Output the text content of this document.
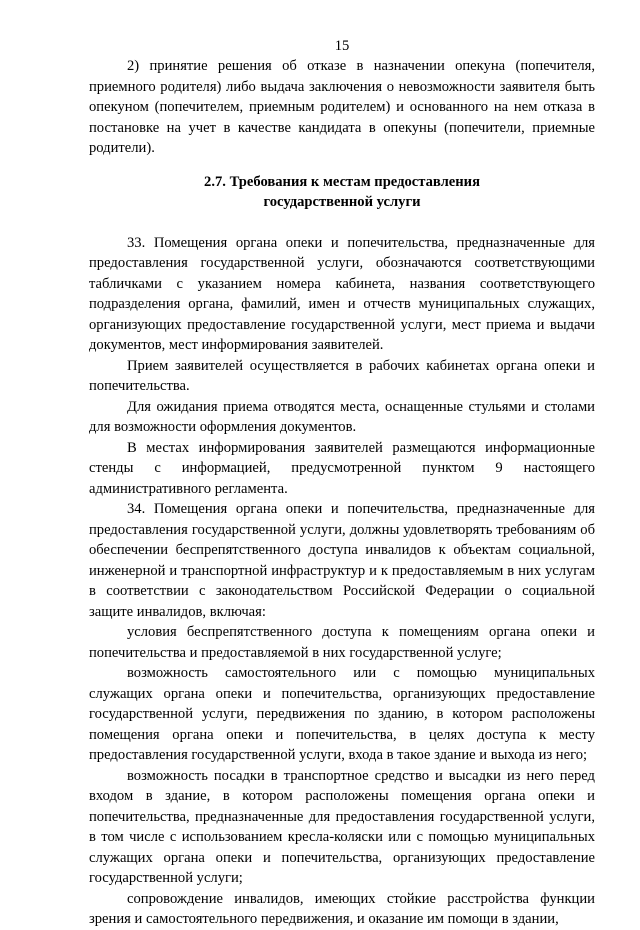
15

2) принятие решения об отказе в назначении опекуна (попечителя, приемного родителя) либо выдача заключения о невозможности заявителя быть опекуном (попечителем, приемным родителем) и основанного на нем отказа в постановке на учет в качестве кандидата в опекуны (попечители, приемные родители).

2.7. Требования к местам предоставления
государственной услуги

33. Помещения органа опеки и попечительства, предназначенные для предоставления государственной услуги, обозначаются соответствующими табличками с указанием номера кабинета, названия соответствующего подразделения органа, фамилий, имен и отчеств муниципальных служащих, организующих предоставление государственной услуги, мест приема и выдачи документов, мест информирования заявителей.

Прием заявителей осуществляется в рабочих кабинетах органа опеки и попечительства.

Для ожидания приема отводятся места, оснащенные стульями и столами для возможности оформления документов.

В местах информирования заявителей размещаются информационные стенды с информацией, предусмотренной пунктом 9 настоящего административного регламента.

34. Помещения органа опеки и попечительства, предназначенные для предоставления государственной услуги, должны удовлетворять требованиям об обеспечении беспрепятственного доступа инвалидов к объектам социальной, инженерной и транспортной инфраструктур и к предоставляемым в них услугам в соответствии с законодательством Российской Федерации о социальной защите инвалидов, включая:

условия беспрепятственного доступа к помещениям органа опеки и попечительства и предоставляемой в них государственной услуге;

возможность самостоятельного или с помощью муниципальных служащих органа опеки и попечительства, организующих предоставление государственной услуги, передвижения по зданию, в котором расположены помещения органа опеки и попечительства, в целях доступа к месту предоставления государственной услуги, входа в такое здание и выхода из него;

возможность посадки в транспортное средство и высадки из него перед входом в здание, в котором расположены помещения органа опеки и попечительства, предназначенные для предоставления государственной услуги, в том числе с использованием кресла-коляски или с помощью муниципальных служащих органа опеки и попечительства, организующих предоставление государственной услуги;

сопровождение инвалидов, имеющих стойкие расстройства функции зрения и самостоятельного передвижения, и оказание им помощи в здании,
